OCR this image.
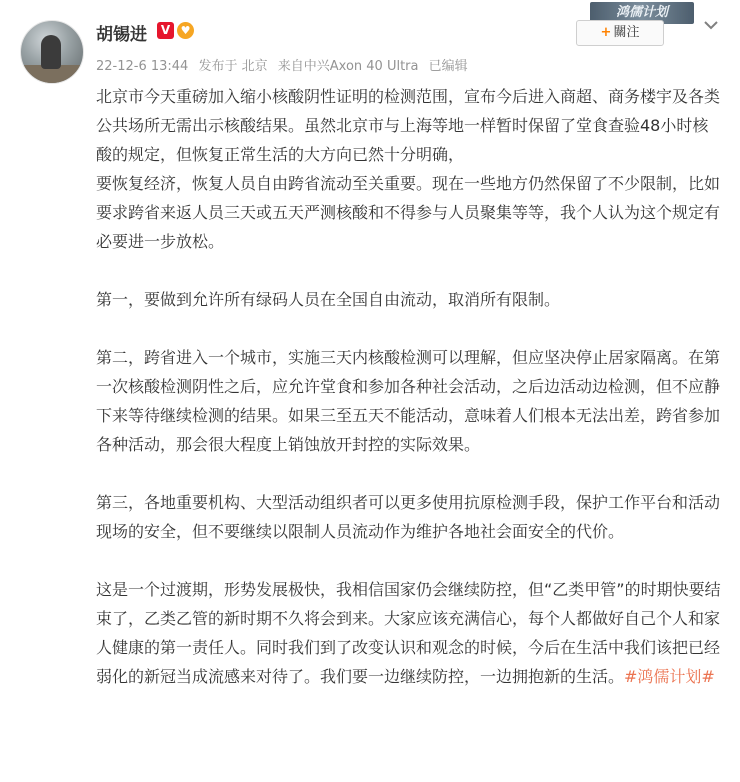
胡锡进	V ♥
22-12-6 13:44 发布于 北京 来自中兴Axon 40 Ultra 已编辑
鸿儒计划
+ 關注

北京市今天重磅加入缩小核酸阴性证明的检测范围，宣布今后进入商超、商务楼宇及各类公共场所无需出示核酸结果。虽然北京市与上海等地一样暂时保留了堂食查验48小时核酸的规定，但恢复正常生活的大方向已然十分明确，

要恢复经济，恢复人员自由跨省流动至关重要。现在一些地方仍然保留了不少限制，比如要求跨省来返人员三天或五天严测核酸和不得参与人员聚集等等，我个人认为这个规定有必要进一步放松。

第一，要做到允许所有绿码人员在全国自由流动，取消所有限制。

第二，跨省进入一个城市，实施三天内核酸检测可以理解，但应坚决停止居家隔离。在第一次核酸检测阴性之后，应允许堂食和参加各种社会活动，之后边活动边检测，但不应静下来等待继续检测的结果。如果三至五天不能活动，意味着人们根本无法出差，跨省参加各种活动，那会很大程度上销蚀放开封控的实际效果。

第三，各地重要机构、大型活动组织者可以更多使用抗原检测手段，保护工作平台和活动现场的安全，但不要继续以限制人员流动作为维护各地社会面安全的代价。

这是一个过渡期，形势发展极快，我相信国家仍会继续防控，但“乙类甲管”的时期快要结束了，乙类乙管的新时期不久将会到来。大家应该充满信心，每个人都做好自己个人和家人健康的第一责任人。同时我们到了改变认识和观念的时候，今后在生活中我们该把已经弱化的新冠当成流感来对待了。我们要一边继续防控，一边拥抱新的生活。#鸿儒计划#
